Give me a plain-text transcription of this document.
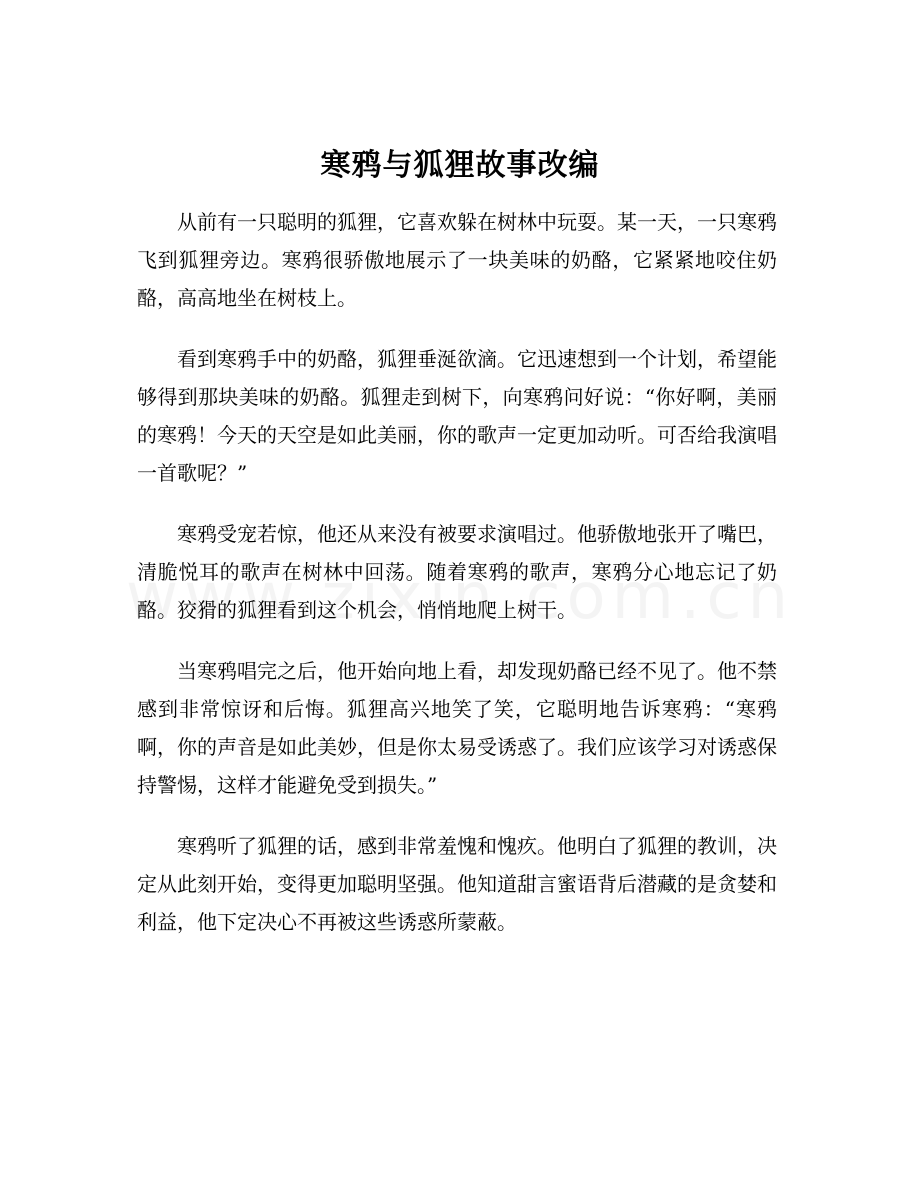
寒鸦与狐狸故事改编

从前有一只聪明的狐狸，它喜欢躲在树林中玩耍。某一天，一只寒鸦飞到狐狸旁边。寒鸦很骄傲地展示了一块美味的奶酪，它紧紧地咬住奶酪，高高地坐在树枝上。

看到寒鸦手中的奶酪，狐狸垂涎欲滴。它迅速想到一个计划，希望能够得到那块美味的奶酪。狐狸走到树下，向寒鸦问好说：“你好啊，美丽的寒鸦！今天的天空是如此美丽，你的歌声一定更加动听。可否给我演唱一首歌呢？”

寒鸦受宠若惊，他还从来没有被要求演唱过。他骄傲地张开了嘴巴，清脆悦耳的歌声在树林中回荡。随着寒鸦的歌声，寒鸦分心地忘记了奶酪。狡猾的狐狸看到这个机会，悄悄地爬上树干。

当寒鸦唱完之后，他开始向地上看，却发现奶酪已经不见了。他不禁感到非常惊讶和后悔。狐狸高兴地笑了笑，它聪明地告诉寒鸦：“寒鸦啊，你的声音是如此美妙，但是你太易受诱惑了。我们应该学习对诱惑保持警惕，这样才能避免受到损失。”

寒鸦听了狐狸的话，感到非常羞愧和愧疚。他明白了狐狸的教训，决定从此刻开始，变得更加聪明坚强。他知道甜言蜜语背后潜藏的是贪婪和利益，他下定决心不再被这些诱惑所蒙蔽。
